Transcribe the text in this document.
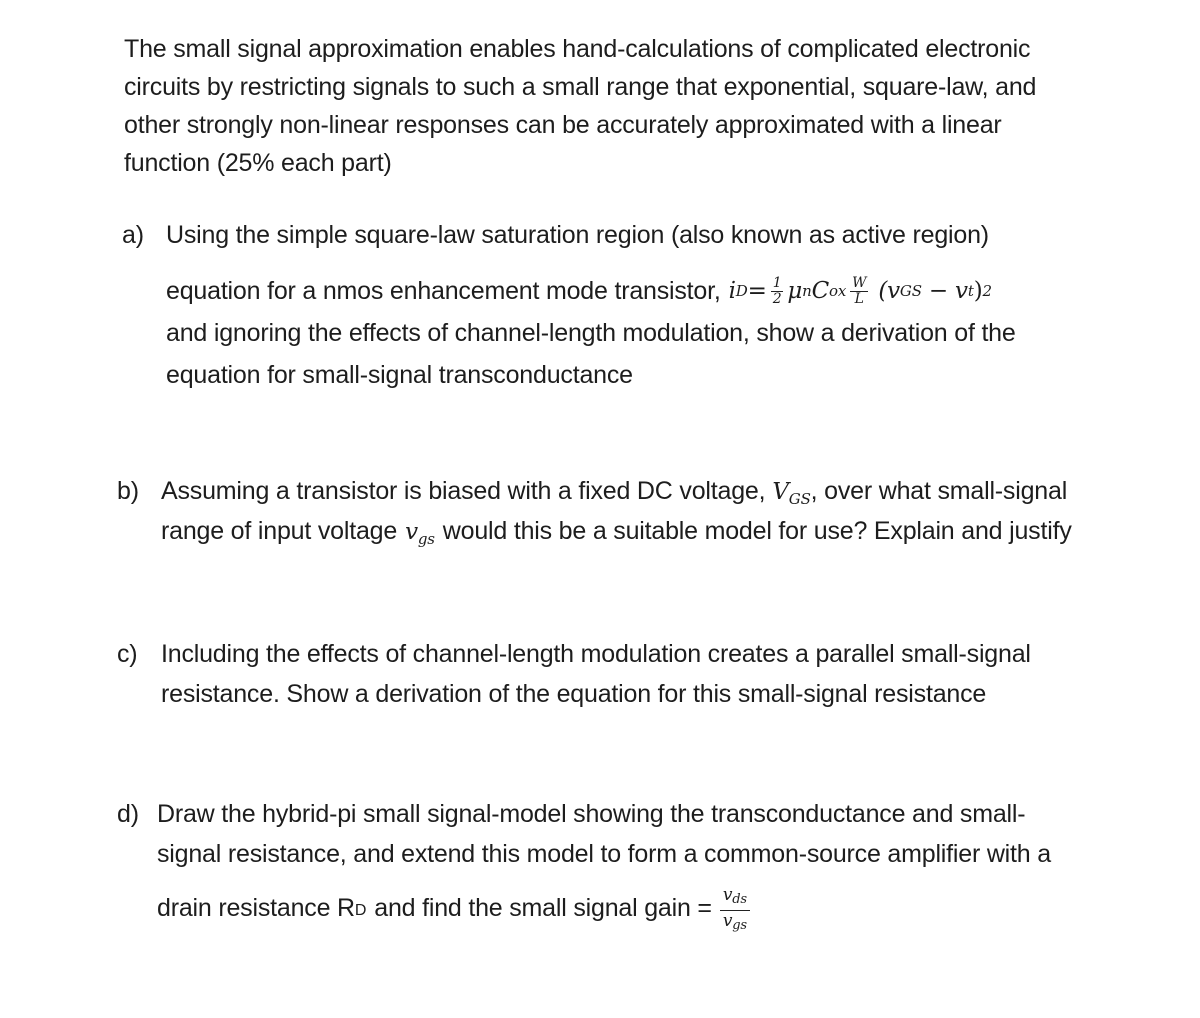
The small signal approximation enables hand-calculations of complicated electronic
circuits by restricting signals to such a small range that exponential, square-law, and
other strongly non-linear responses can be accurately approximated with a linear
function (25% each part)
a) Using the simple square-law saturation region (also known as active region)
equation for a nmos enhancement mode transistor, i $D = \frac{1}{2}$ μ n C ox $\frac{W}{L} (v$ GS − v t ) 2
and ignoring the effects of channel-length modulation, show a derivation of the
equation for small-signal transconductance
b) Assuming a transistor is biased with a fixed DC voltage, $V_{GS}$ , over what small-signal
range of input voltage $v_{gs}$ would this be a suitable model for use? Explain and justify
c) Including the effects of channel-length modulation creates a parallel small-signal
resistance. Show a derivation of the equation for this small-signal resistance
d) Draw the hybrid-pi small signal-model showing the transconductance and small-
signal resistance, and extend this model to form a common-source amplifier with a
drain resistance R D and find the small signal gain = $\frac{\text{vds}}{\text{vgs}}$
